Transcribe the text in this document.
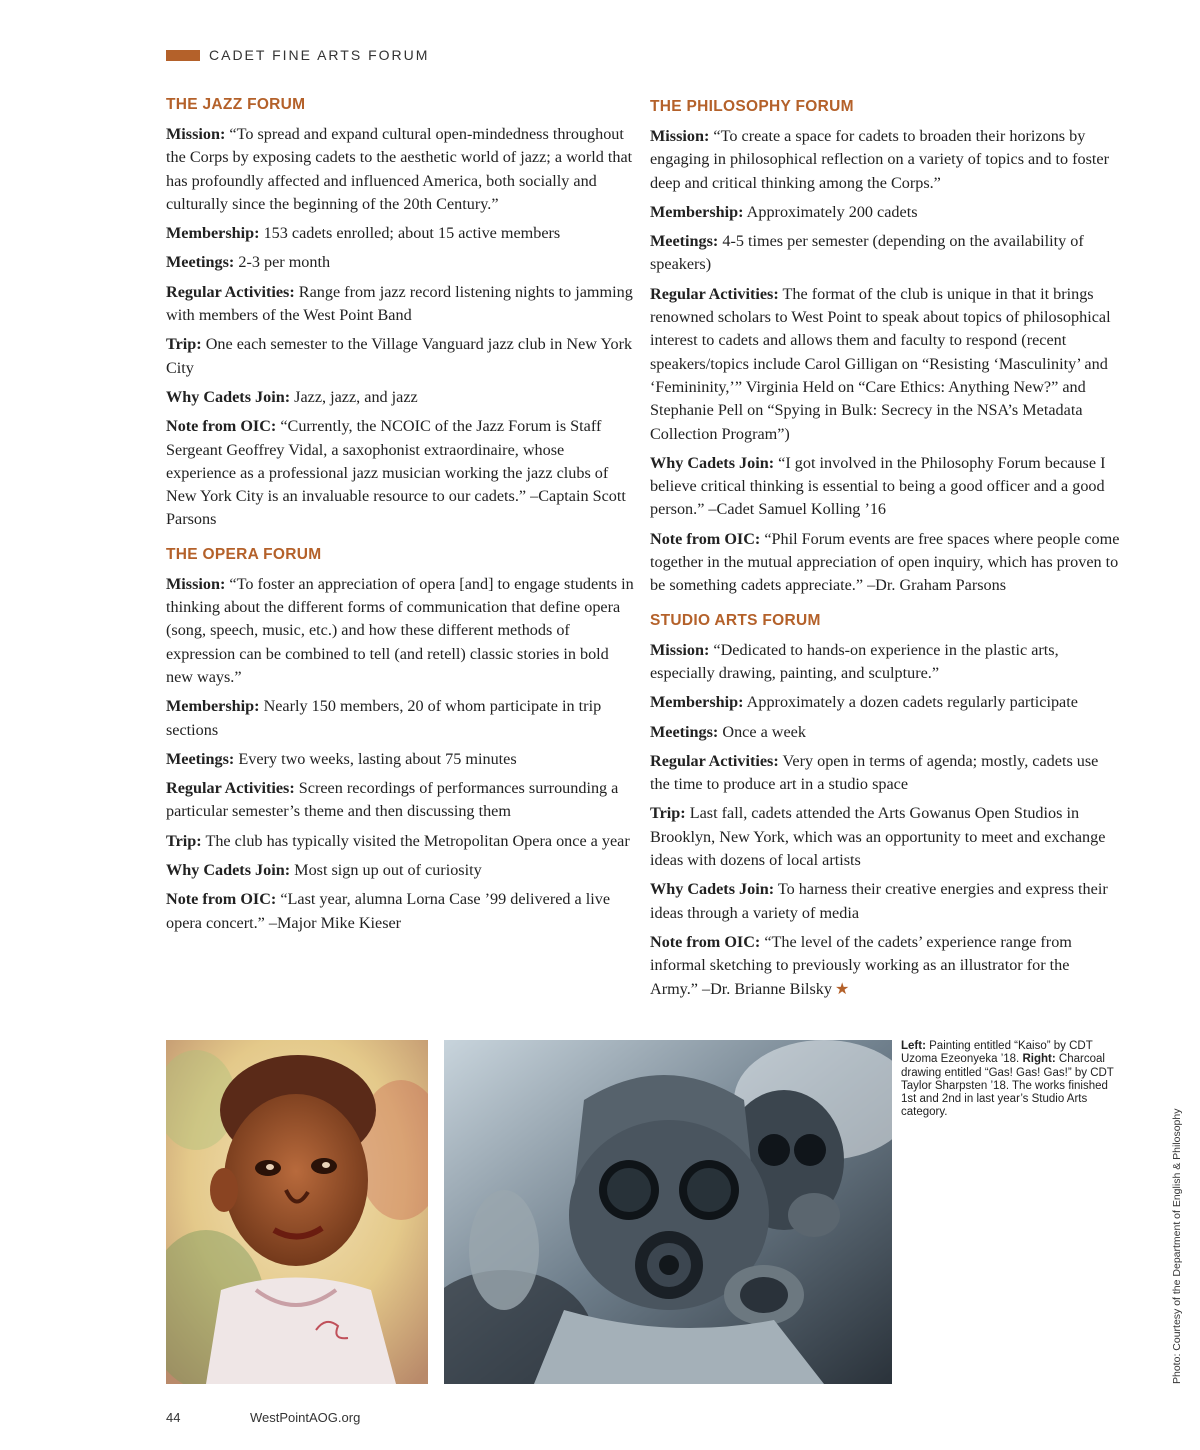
CADET FINE ARTS FORUM
THE JAZZ FORUM
Mission: “To spread and expand cultural open-mindedness throughout the Corps by exposing cadets to the aesthetic world of jazz; a world that has profoundly affected and influenced America, both socially and culturally since the beginning of the 20th Century.”
Membership: 153 cadets enrolled; about 15 active members
Meetings: 2-3 per month
Regular Activities: Range from jazz record listening nights to jamming with members of the West Point Band
Trip: One each semester to the Village Vanguard jazz club in New York City
Why Cadets Join: Jazz, jazz, and jazz
Note from OIC: “Currently, the NCOIC of the Jazz Forum is Staff Sergeant Geoffrey Vidal, a saxophonist extraordinaire, whose experience as a professional jazz musician working the jazz clubs of New York City is an invaluable resource to our cadets.” –Captain Scott Parsons
THE OPERA FORUM
Mission: “To foster an appreciation of opera [and] to engage students in thinking about the different forms of communication that define opera (song, speech, music, etc.) and how these different methods of expression can be combined to tell (and retell) classic stories in bold new ways.”
Membership: Nearly 150 members, 20 of whom participate in trip sections
Meetings: Every two weeks, lasting about 75 minutes
Regular Activities: Screen recordings of performances surrounding a particular semester’s theme and then discussing them
Trip: The club has typically visited the Metropolitan Opera once a year
Why Cadets Join: Most sign up out of curiosity
Note from OIC: “Last year, alumna Lorna Case ’99 delivered a live opera concert.” –Major Mike Kieser
THE PHILOSOPHY FORUM
Mission: “To create a space for cadets to broaden their horizons by engaging in philosophical reflection on a variety of topics and to foster deep and critical thinking among the Corps.”
Membership: Approximately 200 cadets
Meetings: 4-5 times per semester (depending on the availability of speakers)
Regular Activities: The format of the club is unique in that it brings renowned scholars to West Point to speak about topics of philosophical interest to cadets and allows them and faculty to respond (recent speakers/topics include Carol Gilligan on “Resisting ‘Masculinity’ and ‘Femininity,’” Virginia Held on “Care Ethics: Anything New?” and Stephanie Pell on “Spying in Bulk: Secrecy in the NSA’s Metadata Collection Program”)
Why Cadets Join: “I got involved in the Philosophy Forum because I believe critical thinking is essential to being a good officer and a good person.” –Cadet Samuel Kolling ’16
Note from OIC: “Phil Forum events are free spaces where people come together in the mutual appreciation of open inquiry, which has proven to be something cadets appreciate.” –Dr. Graham Parsons
STUDIO ARTS FORUM
Mission: “Dedicated to hands-on experience in the plastic arts, especially drawing, painting, and sculpture.”
Membership: Approximately a dozen cadets regularly participate
Meetings: Once a week
Regular Activities: Very open in terms of agenda; mostly, cadets use the time to produce art in a studio space
Trip: Last fall, cadets attended the Arts Gowanus Open Studios in Brooklyn, New York, which was an opportunity to meet and exchange ideas with dozens of local artists
Why Cadets Join: To harness their creative energies and express their ideas through a variety of media
Note from OIC: “The level of the cadets’ experience range from informal sketching to previously working as an illustrator for the Army.” –Dr. Brianne Bilsky ★
Left: Painting entitled “Kaiso” by CDT Uzoma Ezeonyeka ’18. Right: Charcoal drawing entitled “Gas! Gas! Gas!” by CDT Taylor Sharpsten ’18. The works finished 1st and 2nd in last year’s Studio Arts category.	Photo: Courtesy of the Department of English & Philosophy
44	WestPointAOG.org
